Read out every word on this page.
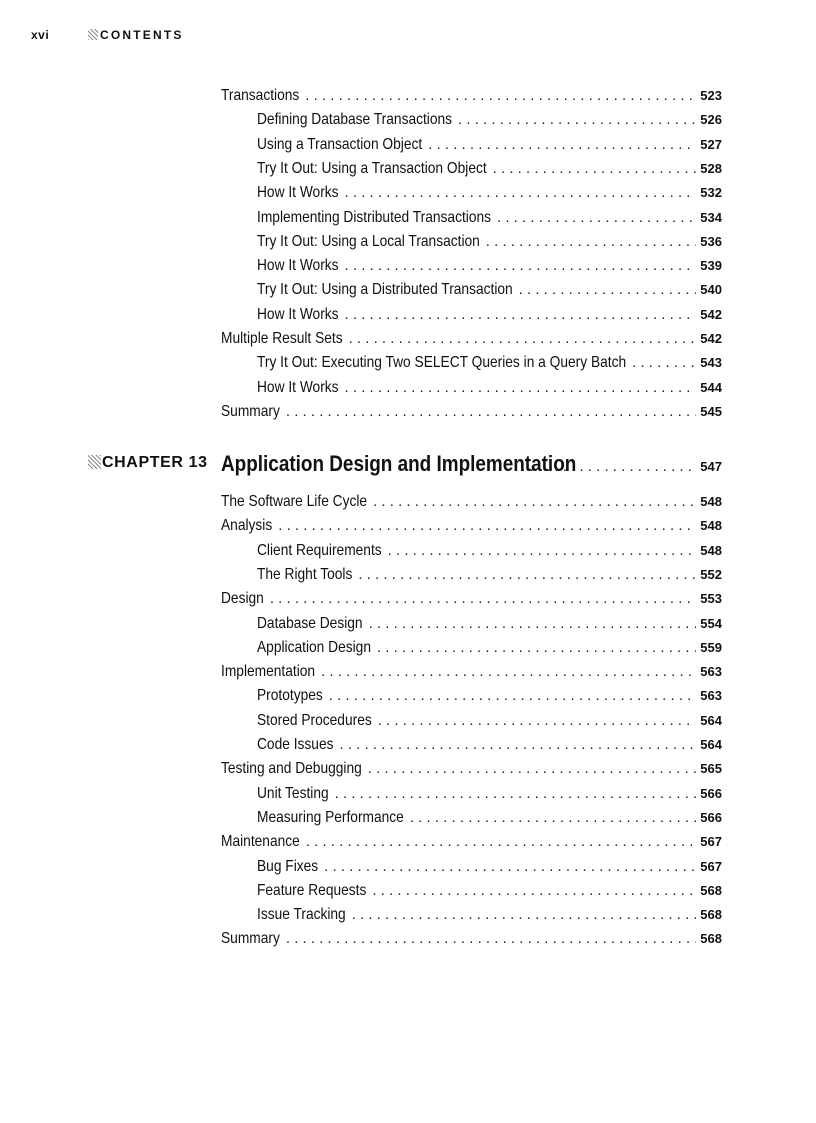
xvi	CONTENTS
Transactions . . .	523
Defining Database Transactions . . .	526
Using a Transaction Object . . .	527
Try It Out: Using a Transaction Object . . .	528
How It Works . . .	532
Implementing Distributed Transactions . . .	534
Try It Out: Using a Local Transaction . . .	536
How It Works . . .	539
Try It Out: Using a Distributed Transaction . . .	540
How It Works . . .	542
Multiple Result Sets . . .	542
Try It Out: Executing Two SELECT Queries in a Query Batch . . .	543
How It Works . . .	544
Summary . . .	545
CHAPTER 13 Application Design and Implementation . . .	547
The Software Life Cycle . . .	548
Analysis . . .	548
Client Requirements . . .	548
The Right Tools . . .	552
Design . . .	553
Database Design . . .	554
Application Design . . .	559
Implementation . . .	563
Prototypes . . .	563
Stored Procedures . . .	564
Code Issues . . .	564
Testing and Debugging . . .	565
Unit Testing . . .	566
Measuring Performance . . .	566
Maintenance . . .	567
Bug Fixes . . .	567
Feature Requests . . .	568
Issue Tracking . . .	568
Summary . . .	568
